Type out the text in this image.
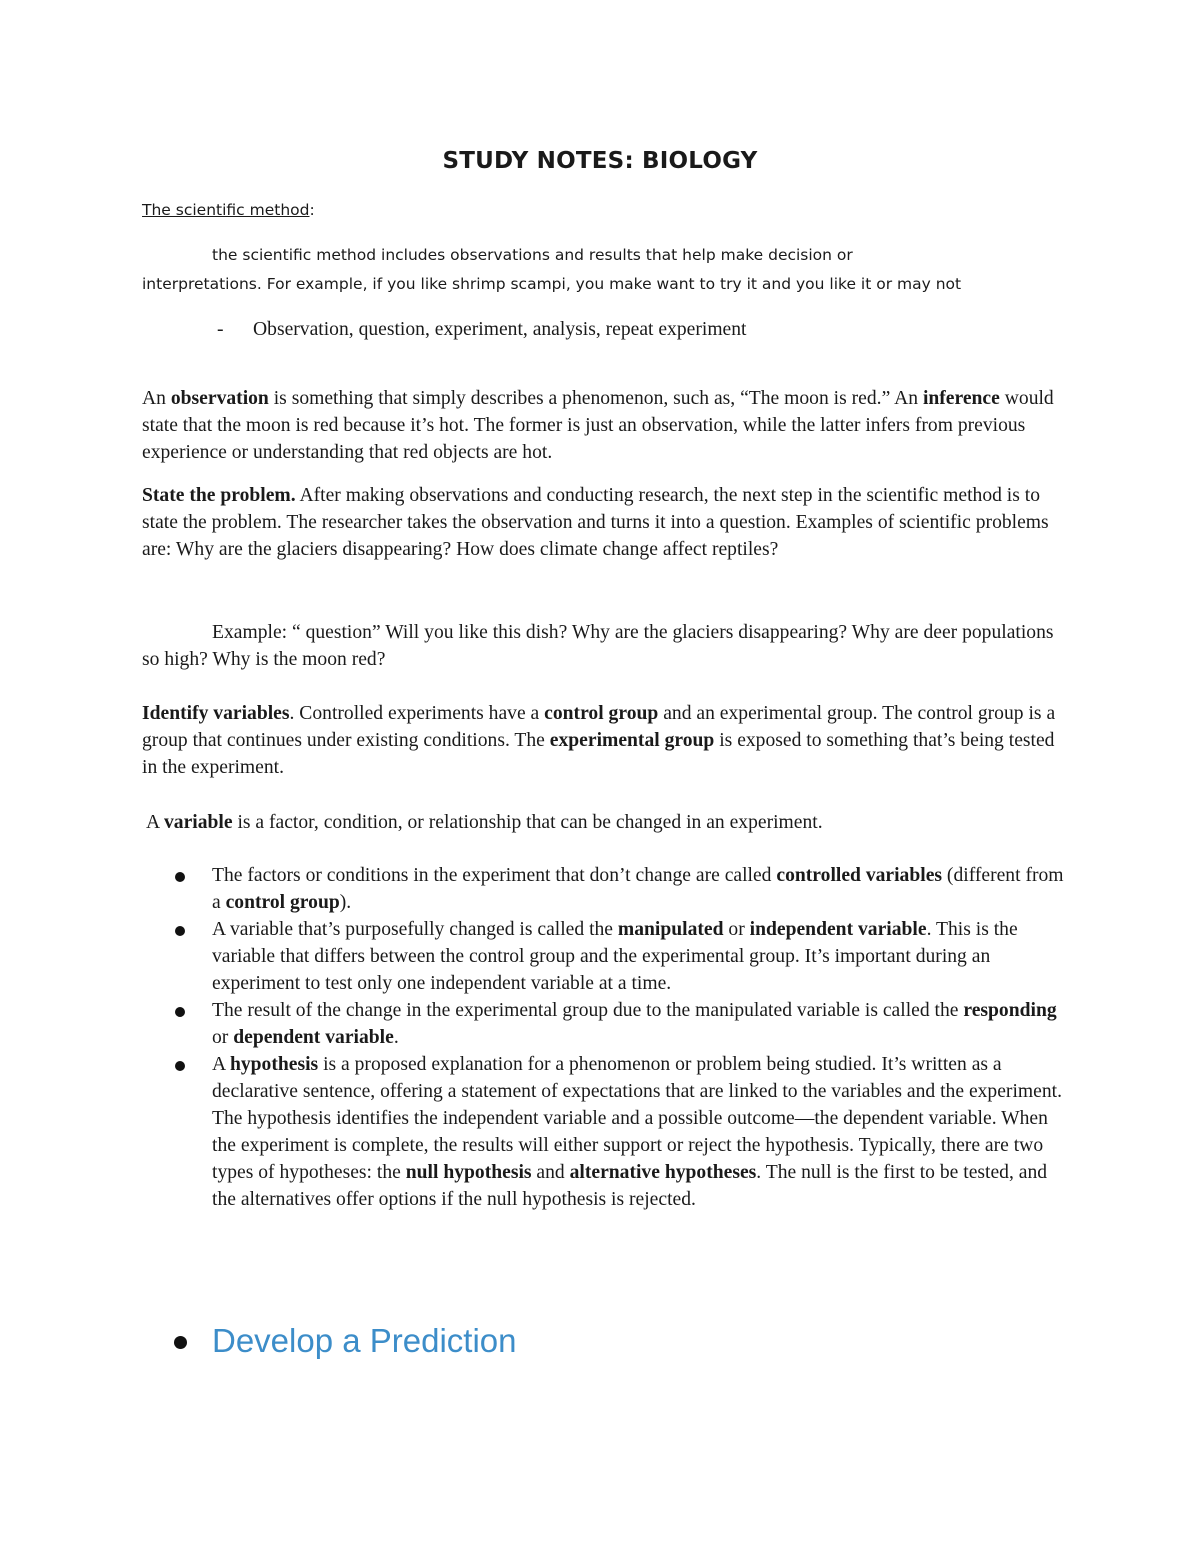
STUDY NOTES: BIOLOGY
The scientific method:
the scientific method includes observations and results that help make decision or
interpretations. For example, if you like shrimp scampi, you make want to try it and you like it or may not
- Observation, question, experiment, analysis, repeat experiment
An observation is something that simply describes a phenomenon, such as, “The moon is red.” An inference would state that the moon is red because it’s hot. The former is just an observation, while the latter infers from previous experience or understanding that red objects are hot.
State the problem. After making observations and conducting research, the next step in the scientific method is to state the problem. The researcher takes the observation and turns it into a question. Examples of scientific problems are: Why are the glaciers disappearing? How does climate change affect reptiles?
Example: “ question” Will you like this dish? Why are the glaciers disappearing? Why are deer populations so high? Why is the moon red?
Identify variables. Controlled experiments have a control group and an experimental group. The control group is a group that continues under existing conditions. The experimental group is exposed to something that’s being tested in the experiment.
A variable is a factor, condition, or relationship that can be changed in an experiment.
The factors or conditions in the experiment that don’t change are called controlled variables (different from a control group).
A variable that’s purposefully changed is called the manipulated or independent variable. This is the variable that differs between the control group and the experimental group. It’s important during an experiment to test only one independent variable at a time.
The result of the change in the experimental group due to the manipulated variable is called the responding or dependent variable.
A hypothesis is a proposed explanation for a phenomenon or problem being studied. It’s written as a declarative sentence, offering a statement of expectations that are linked to the variables and the experiment. The hypothesis identifies the independent variable and a possible outcome—the dependent variable. When the experiment is complete, the results will either support or reject the hypothesis. Typically, there are two types of hypotheses: the null hypothesis and alternative hypotheses. The null is the first to be tested, and the alternatives offer options if the null hypothesis is rejected.
Develop a Prediction
